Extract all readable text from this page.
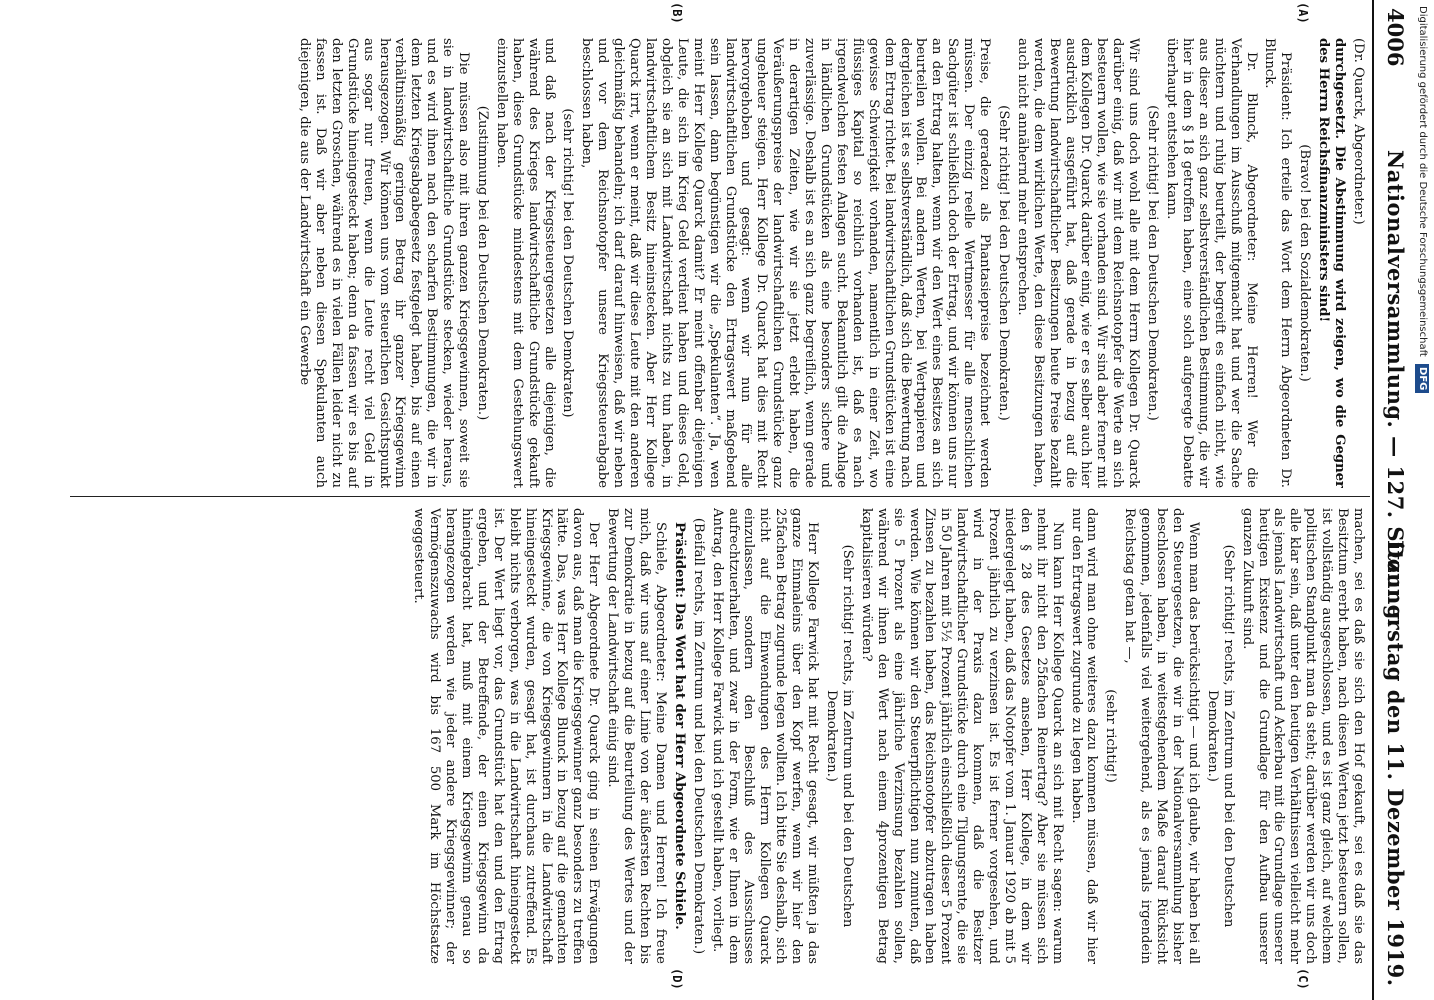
4006
Nationalversammlung. — 127. Sitzung.
Donnerstag den 11. Dezember 1919.
(A)
(B)
(C)
(D)

(Dr. Quarck, Abgeordneter.)

durchgesetzt. Die Abstimmung wird zeigen, wo die Gegner des Herrn Reichsfinanzministers sind!

(Bravo! bei den Sozialdemokraten.)

Präsident: Ich erteile das Wort dem Herrn Abgeordneten Dr. Blunck.

Dr. Blunck, Abgeordneter: Meine Herren! Wer die Verhandlungen im Ausschuß mitgemacht hat und wer die Sache nüchtern und ruhig beurteilt, der begreift es einfach nicht, wie aus dieser an sich ganz selbstverständlichen Bestimmung, die wir hier in dem § 18 getroffen haben, eine solch aufgeregte Debatte überhaupt entstehen kann.

(Sehr richtig! bei den Deutschen Demokraten.)

Wir sind uns doch wohl alle mit dem Herrn Kollegen Dr. Quarck darüber einig, daß wir mit dem Reichsnotopfer die Werte an sich besteuern wollen, wie sie vorhanden sind. Wir sind aber ferner mit dem Kollegen Dr. Quarck darüber einig, wie er es selber auch hier ausdrücklich ausgeführt hat, daß gerade in bezug auf die Bewertung landwirtschaftlicher Besitzungen heute Preise bezahlt werden, die dem wirklichen Werte, den diese Besitzungen haben, auch nicht annähernd mehr entsprechen.

(Sehr richtig! bei den Deutschen Demokraten.)

Preise, die geradezu als Phantasiepreise bezeichnet werden müssen. Der einzig reelle Wertmesser für alle menschlichen Sachgüter ist schließlich doch der Ertrag, und wir können uns nur an den Ertrag halten, wenn wir den Wert eines Besitzes an sich beurteilen wollen. Bei andern Werten, bei Wertpapieren und dergleichen ist es selbstverständlich, daß sich die Bewertung nach dem Ertrag richtet. Bei landwirtschaftlichen Grundstücken ist eine gewisse Schwierigkeit vorhanden, namentlich in einer Zeit, wo flüssiges Kapital so reichlich vorhanden ist, daß es nach irgendwelchen festen Anlagen sucht. Bekanntlich gilt die Anlage in ländlichen Grundstücken als eine besonders sichere und zuverlässige. Deshalb ist es an sich ganz begreiflich, wenn gerade in derartigen Zeiten, wie wir sie jetzt erlebt haben, die Veräußerungspreise der landwirtschaftlichen Grundstücke ganz ungeheuer steigen. Herr Kollege Dr. Quarck hat dies mit Recht hervorgehoben und gesagt: wenn wir nun für alle landwirtschaftlichen Grundstücke den Ertragswert maßgebend sein lassen, dann begünstigen wir die „Spekulanten“. Ja, wen meint Herr Kollege Quarck damit? Er meint offenbar diejenigen Leute, die sich im Krieg Geld verdient haben und dieses Geld, obgleich sie an sich mit Landwirtschaft nichts zu tun haben, in landwirtschaftlichem Besitz hineinstecken. Aber Herr Kollege Quarck irrt, wenn er meint, daß wir diese Leute mit den anderen gleichmäßig behandeln; ich darf darauf hinweisen, daß wir neben und vor dem Reichsnotopfer unsere Kriegssteuerabgabe beschlossen haben,

(sehr richtig! bei den Deutschen Demokraten)

und daß nach der Kriegssteuergesetzen alle diejenigen, die während des Krieges landwirtschaftliche Grundstücke gekauft haben, diese Grundstücke mindestens mit dem Gestehungswert einzustellen haben.

(Zustimmung bei den Deutschen Demokraten.)

Die müssen also mit ihren ganzen Kriegsgewinnen, soweit sie sie in landwirtschaftliche Grundstücke stecken, wieder heraus, und es wird ihnen nach den scharfen Bestimmungen, die wir in dem letzten Kriegsabgabegesetz festgelegt haben, bis auf einen verhältnismäßig geringen Betrag ihr ganzer Kriegsgewinn herausgezogen. Wir können uns vom steuerlichen Gesichtspunkt aus sogar nur freuen, wenn die Leute recht viel Geld in Grundstücke hineingesteckt haben; denn da fassen wir es bis auf den letzten Groschen, während es in vielen Fällen leider nicht zu fassen ist. Daß wir aber neben diesen Spekulanten auch diejenigen, die aus der Landwirtschaft ein Gewerbe

machen, sei es daß sie sich den Hof gekauft, sei es daß sie das Besitztum ererbt haben, nach diesen Werten jetzt besteuern sollen, ist vollständig ausgeschlossen, und es ist ganz gleich, auf welchem politischen Standpunkt man da steht; darüber werden wir uns doch alle klar sein, daß unter den heutigen Verhältnissen vielleicht mehr als jemals Landwirtschaft und Ackerbau mit die Grundlage unserer heutigen Existenz und die Grundlage für den Aufbau unserer ganzen Zukunft sind.

(Sehr richtig! rechts, im Zentrum und bei den Deutschen Demokraten.)

Wenn man das berücksichtigt — und ich glaube, wir haben bei all den Steuergesetzen, die wir in der Nationalversammlung bisher beschlossen haben, in weitestgehendem Maße darauf Rücksicht genommen, jedenfalls viel weitergehend, als es jemals irgendein Reichstag getan hat —,

(sehr richtig!)

dann wird man ohne weiteres dazu kommen müssen, daß wir hier nur den Ertragswert zugrunde zu legen haben.

Nun kann Herr Kollege Quarck an sich mit Recht sagen: warum nehmt ihr nicht den 25fachen Reinertrag? Aber sie müssen sich den § 28 des Gesetzes ansehen, Herr Kollege, in dem wir niedergelegt haben, daß das Notopfer vom 1. Januar 1920 ab mit 5 Prozent jährlich zu verzinsen ist. Es ist ferner vorgesehen, und wird in der Praxis dazu kommen, daß die Besitzer landwirtschaftlicher Grundstücke durch eine Tilgungsrente, die sie in 50 Jahren mit 5½ Prozent jährlich einschließlich dieser 5 Prozent Zinsen zu bezahlen haben, das Reichsnotopfer abzutragen haben werden. Wie können wir den Steuerpflichtigen nun zumuten, daß sie 5 Prozent als eine jährliche Verzinsung bezahlen sollen, während wir ihnen den Wert nach einem 4prozentigen Betrag kapitalisieren würden?

(Sehr richtig! rechts, im Zentrum und bei den Deutschen Demokraten.)

Herr Kollege Farwick hat mit Recht gesagt, wir müßten ja das ganze Einmaleins über den Kopf werfen, wenn wir hier den 25fachen Betrag zugrunde legen wollten. Ich bitte Sie deshalb, sich nicht auf die Einwendungen des Herrn Kollegen Quarck einzulassen, sondern den Beschluß des Ausschusses aufrechtzuerhalten, und zwar in der Form, wie er Ihnen in dem Antrag, den Herr Kollege Farwick und ich gestellt haben, vorliegt.

(Beifall rechts, im Zentrum und bei den Deutschen Demokraten.)

Präsident: Das Wort hat der Herr Abgeordnete Schiele.

Schiele, Abgeordneter: Meine Damen und Herren! Ich freue mich, daß wir uns auf einer Linie von der äußersten Rechten bis zur Demokratie in bezug auf die Beurteilung des Wertes und der Bewertung der Landwirtschaft einig sind.

Der Herr Abgeordnete Dr. Quarck ging in seinen Erwägungen davon aus, daß man die Kriegsgewinner ganz besonders zu treffen hätte. Das, was Herr Kollege Blunck in bezug auf die gemachten Kriegsgewinne, die von Kriegsgewinnern in die Landwirtschaft hineingesteckt wurden, gesagt hat, ist durchaus zutreffend. Es bleibt nichts verborgen, was in die Landwirtschaft hineingesteckt ist. Der Wert liegt vor, das Grundstück hat den und den Ertrag ergeben, und der Betreffende, der einen Kriegsgewinn da hineingebracht hat, muß mit einem Kriegsgewinn genau so herangezogen werden wie jeder andere Kriegsgewinner; der Vermögenszuwachs wird bis 167 500 Mark im Höchstsatze weggesteuert.

Digitalisierung gefördert durch die Deutsche Forschungsgemeinschaft DFG
